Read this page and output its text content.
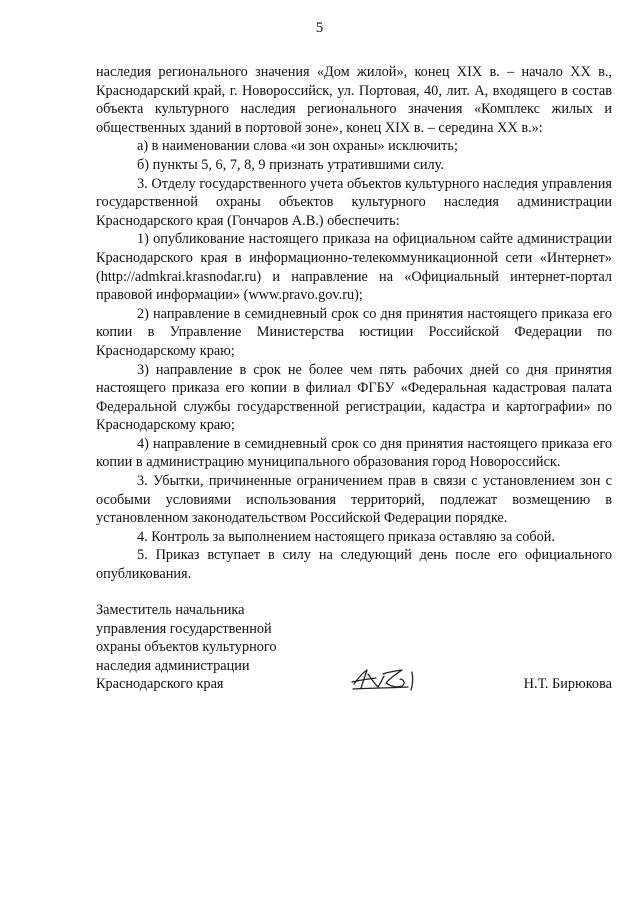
5

наследия регионального значения «Дом жилой», конец XIX в. – начало XX в., Краснодарский край, г. Новороссийск, ул. Портовая, 40, лит. А, входящего в состав объекта культурного наследия регионального значения «Комплекс жилых и общественных зданий в портовой зоне», конец XIX в. – середина XX в.»:

а) в наименовании слова «и зон охраны» исключить;

б) пункты 5, 6, 7, 8, 9 признать утратившими силу.

3. Отделу государственного учета объектов культурного наследия управления государственной охраны объектов культурного наследия администрации Краснодарского края (Гончаров А.В.) обеспечить:

1) опубликование настоящего приказа на официальном сайте администрации Краснодарского края в информационно-телекоммуникационной сети «Интернет» (http://admkrai.krasnodar.ru) и направление на «Официальный интернет-портал правовой информации» (www.pravo.gov.ru);

2) направление в семидневный срок со дня принятия настоящего приказа его копии в Управление Министерства юстиции Российской Федерации по Краснодарскому краю;

3) направление в срок не более чем пять рабочих дней со дня принятия настоящего приказа его копии в филиал ФГБУ «Федеральная кадастровая палата Федеральной службы государственной регистрации, кадастра и картографии» по Краснодарскому краю;

4) направление в семидневный срок со дня принятия настоящего приказа его копии в администрацию муниципального образования город Новороссийск.

3. Убытки, причиненные ограничением прав в связи с установлением зон с особыми условиями использования территорий, подлежат возмещению в установленном законодательством Российской Федерации порядке.

4. Контроль за выполнением настоящего приказа оставляю за собой.

5. Приказ вступает в силу на следующий день после его официального опубликования.

Заместитель начальника
управления государственной
охраны объектов культурного
наследия администрации
Краснодарского края	Н.Т. Бирюкова
